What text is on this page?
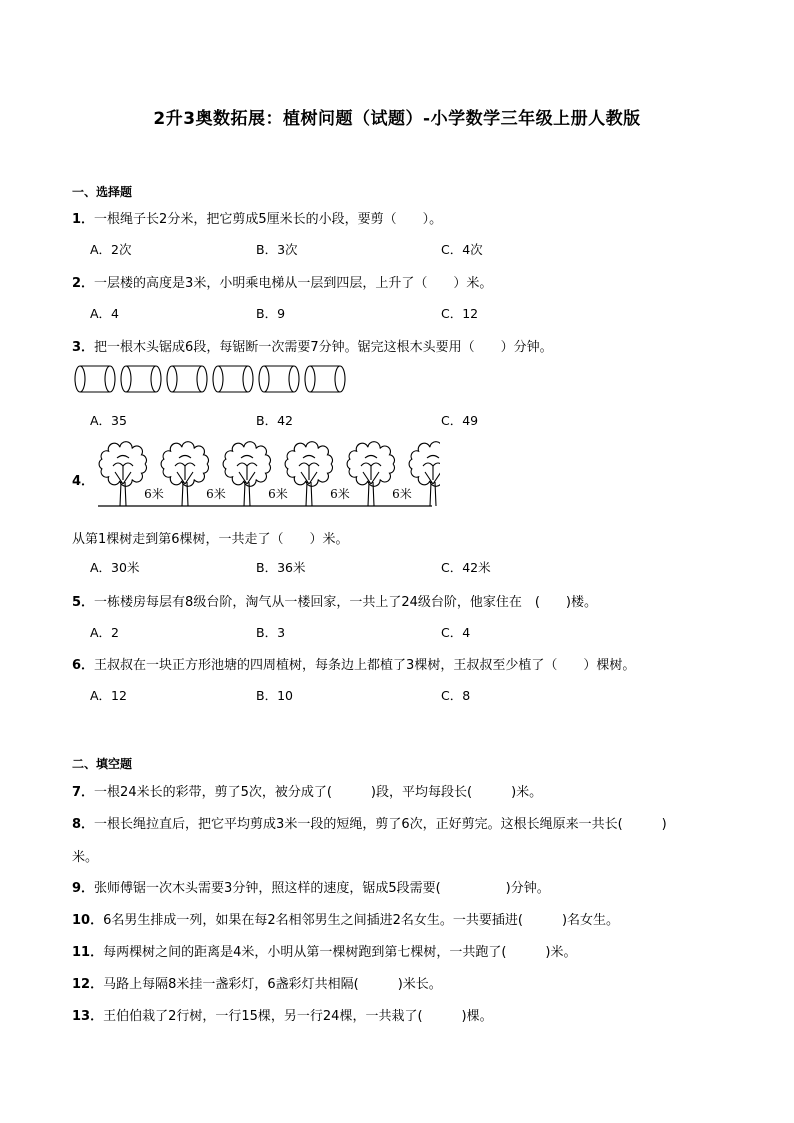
2升3奥数拓展：植树问题（试题）-小学数学三年级上册人教版
一、选择题
1．一根绳子长2分米，把它剪成5厘米长的小段，要剪（　　）。
A．2次	B．3次	C．4次
2．一层楼的高度是3米，小明乘电梯从一层到四层，上升了（　　）米。
A．4	B．9	C．12
3．把一根木头锯成6段，每锯断一次需要7分钟。锯完这根木头要用（　　）分钟。
A．35	B．42	C．49
4．
6米	6米	6米	6米	6米
从第1棵树走到第6棵树，一共走了（　　）米。
A．30米	B．36米	C．42米
5．一栋楼房每层有8级台阶，淘气从一楼回家，一共上了24级台阶，他家住在　(　　)楼。
A．2	B．3	C．4
6．王叔叔在一块正方形池塘的四周植树，每条边上都植了3棵树，王叔叔至少植了（　　）棵树。
A．12	B．10	C．8
二、填空题
7．一根24米长的彩带，剪了5次，被分成了(　　　)段，平均每段长(　　　)米。
8．一根长绳拉直后，把它平均剪成3米一段的短绳，剪了6次，正好剪完。这根长绳原来一共长(　　　)
米。
9．张师傅锯一次木头需要3分钟，照这样的速度，锯成5段需要(　　　　　)分钟。
10．6名男生排成一列，如果在每2名相邻男生之间插进2名女生。一共要插进(　　　)名女生。
11．每两棵树之间的距离是4米，小明从第一棵树跑到第七棵树，一共跑了(　　　)米。
12．马路上每隔8米挂一盏彩灯，6盏彩灯共相隔(　　　)米长。
13．王伯伯栽了2行树，一行15棵，另一行24棵，一共栽了(　　　)棵。
